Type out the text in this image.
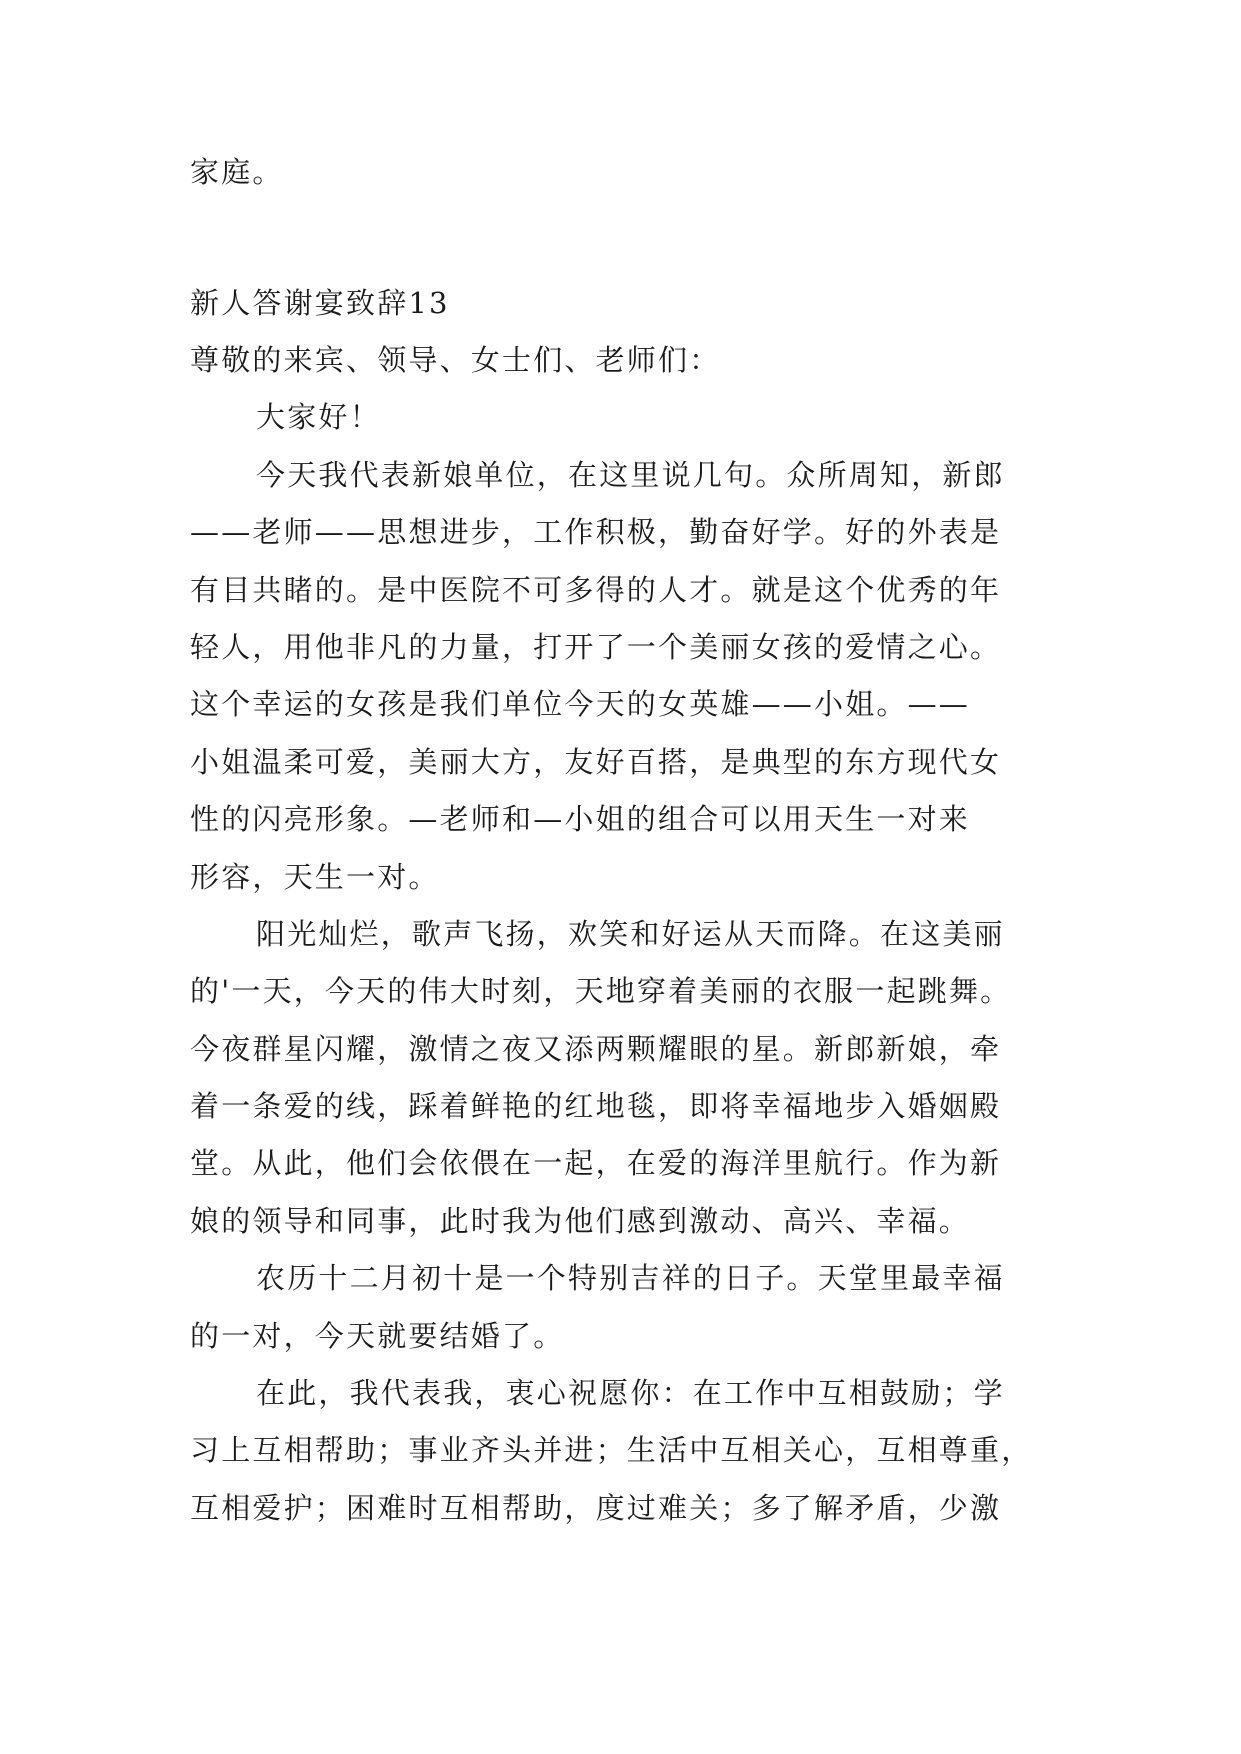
家庭。
新人答谢宴致辞13
尊敬的来宾、领导、女士们、老师们：
大家好！
今天我代表新娘单位，在这里说几句。众所周知，新郎
——老师——思想进步，工作积极，勤奋好学。好的外表是
有目共睹的。是中医院不可多得的人才。就是这个优秀的年
轻人，用他非凡的力量，打开了一个美丽女孩的爱情之心。
这个幸运的女孩是我们单位今天的女英雄——小姐。——
小姐温柔可爱，美丽大方，友好百搭，是典型的东方现代女
性的闪亮形象。—老师和—小姐的组合可以用天生一对来
形容，天生一对。
阳光灿烂，歌声飞扬，欢笑和好运从天而降。在这美丽
的'一天，今天的伟大时刻，天地穿着美丽的衣服一起跳舞。
今夜群星闪耀，激情之夜又添两颗耀眼的星。新郎新娘，牵
着一条爱的线，踩着鲜艳的红地毯，即将幸福地步入婚姻殿
堂。从此，他们会依偎在一起，在爱的海洋里航行。作为新
娘的领导和同事，此时我为他们感到激动、高兴、幸福。
农历十二月初十是一个特别吉祥的日子。天堂里最幸福
的一对，今天就要结婚了。
在此，我代表我，衷心祝愿你：在工作中互相鼓励；学
习上互相帮助；事业齐头并进；生活中互相关心，互相尊重，
互相爱护；困难时互相帮助，度过难关；多了解矛盾，少激
